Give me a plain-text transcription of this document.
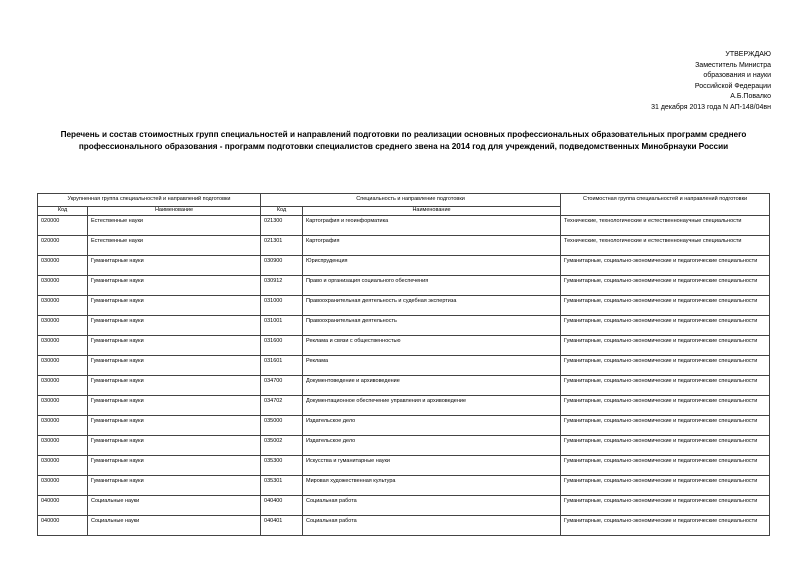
УТВЕРЖДАЮ
Заместитель Министра
образования и науки
Российской Федерации
А.Б.Повалко
31 декабря 2013 года N АП-148/04вн
Перечень и состав стоимостных групп специальностей и направлений подготовки по реализации основных профессиональных образовательных программ среднего профессионального образования - программ подготовки специалистов среднего звена на 2014 год для учреждений, подведомственных Минобрнауки России
Укрупненная группа специальностей и направлений подготовки		Специальность и направление подготовки		Стоимостная группа специальностей и направлений подготовки
Код	Наименование	Код	Наименование	
020000	Естественные науки	021300	Картография и геоинформатика	Технические, технологические и естественнонаучные специальности
020000	Естественные науки	021301	Картография	Технические, технологические и естественнонаучные специальности
030000	Гуманитарные науки	030900	Юриспруденция	Гуманитарные, социально-экономические и педагогические специальности
030000	Гуманитарные науки	030912	Право и организация социального обеспечения	Гуманитарные, социально-экономические и педагогические специальности
030000	Гуманитарные науки	031000	Правоохранительная деятельность и судебная экспертиза	Гуманитарные, социально-экономические и педагогические специальности
030000	Гуманитарные науки	031001	Правоохранительная деятельность	Гуманитарные, социально-экономические и педагогические специальности
030000	Гуманитарные науки	031600	Реклама и связи с общественностью	Гуманитарные, социально-экономические и педагогические специальности
030000	Гуманитарные науки	031601	Реклама	Гуманитарные, социально-экономические и педагогические специальности
030000	Гуманитарные науки	034700	Документоведение и архивоведение	Гуманитарные, социально-экономические и педагогические специальности
030000	Гуманитарные науки	034702	Документационное обеспечение управления и архивоведение	Гуманитарные, социально-экономические и педагогические специальности
030000	Гуманитарные науки	035000	Издательское дело	Гуманитарные, социально-экономические и педагогические специальности
030000	Гуманитарные науки	035002	Издательское дело	Гуманитарные, социально-экономические и педагогические специальности
030000	Гуманитарные науки	035300	Искусства и гуманитарные науки	Гуманитарные, социально-экономические и педагогические специальности
030000	Гуманитарные науки	035301	Мировая художественная культура	Гуманитарные, социально-экономические и педагогические специальности
040000	Социальные науки	040400	Социальная работа	Гуманитарные, социально-экономические и педагогические специальности
040000	Социальные науки	040401	Социальная работа	Гуманитарные, социально-экономические и педагогические специальности
